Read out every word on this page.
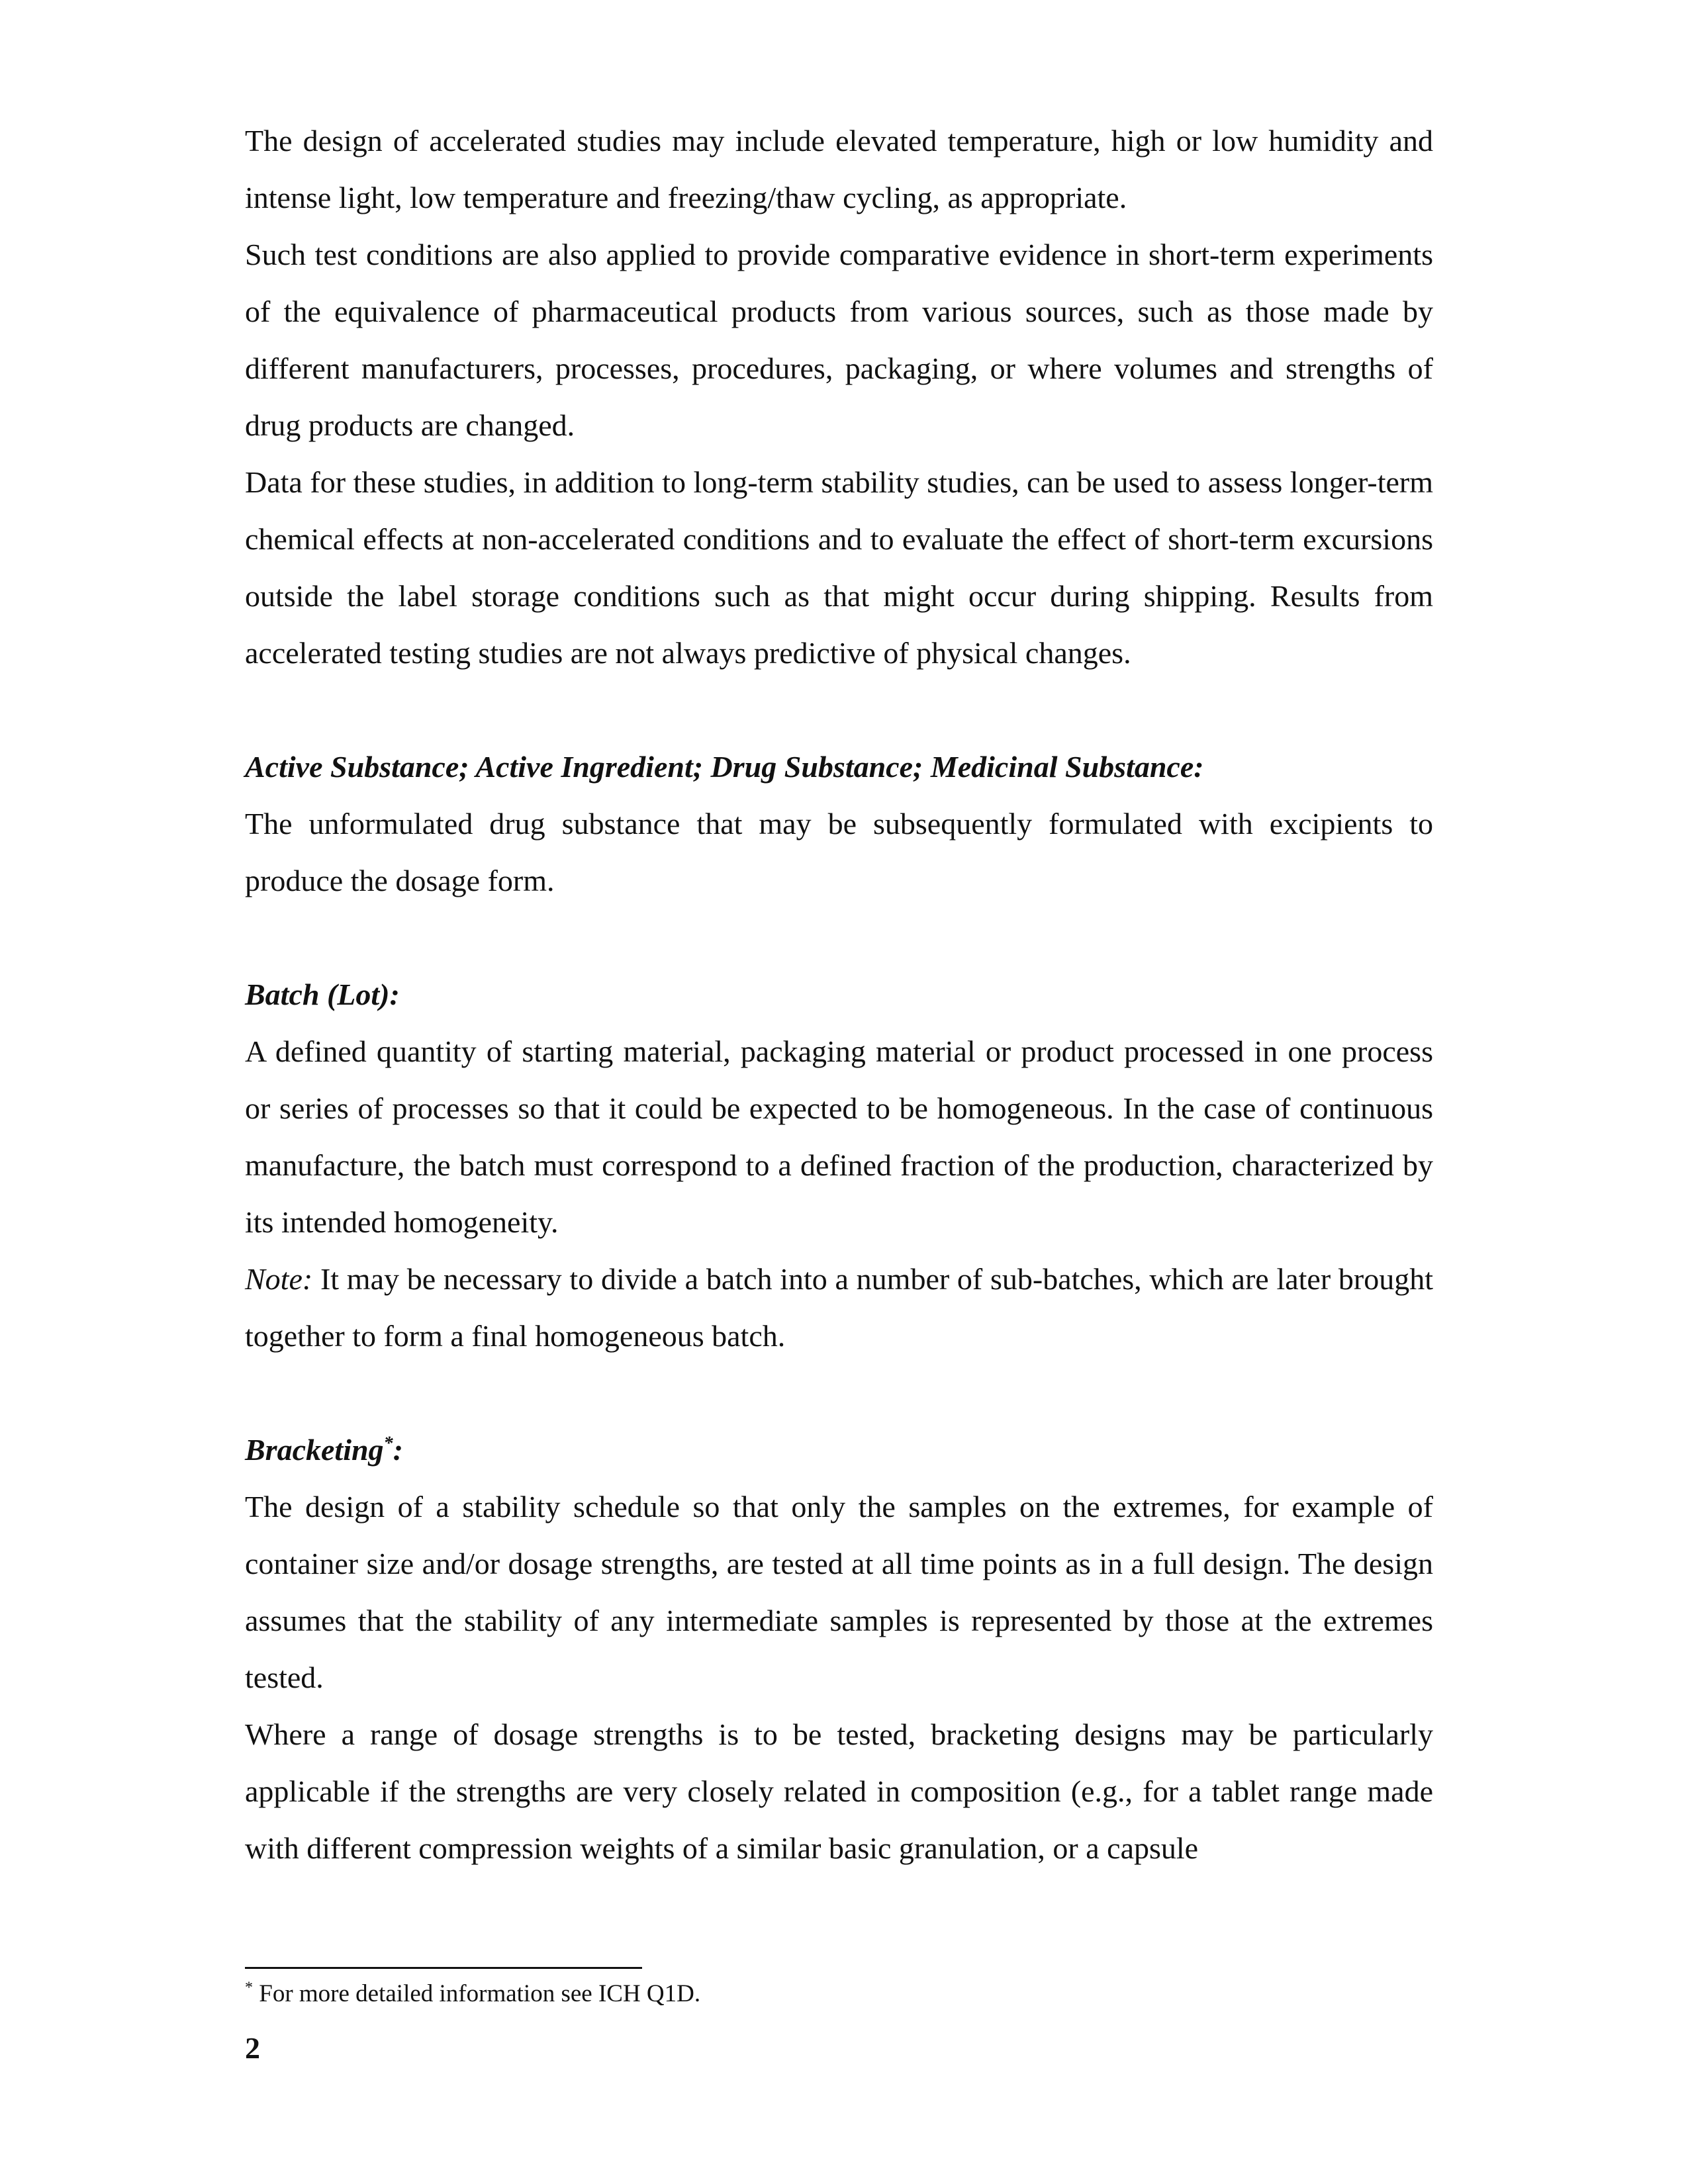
The design of accelerated studies may include elevated temperature, high or low humidity and intense light, low temperature and freezing/thaw cycling, as appropriate.

Such test conditions are also applied to provide comparative evidence in short-term experiments of the equivalence of pharmaceutical products from various sources, such as those made by different manufacturers, processes, procedures, packaging, or where volumes and strengths of drug products are changed.

Data for these studies, in addition to long-term stability studies, can be used to assess longer-term chemical effects at non-accelerated conditions and to evaluate the effect of short-term excursions outside the label storage conditions such as that might occur during shipping. Results from accelerated testing studies are not always predictive of physical changes.

Active Substance; Active Ingredient; Drug Substance; Medicinal Substance:

The unformulated drug substance that may be subsequently formulated with excipients to produce the dosage form.

Batch (Lot):

A defined quantity of starting material, packaging material or product processed in one process or series of processes so that it could be expected to be homogeneous. In the case of continuous manufacture, the batch must correspond to a defined fraction of the production, characterized by its intended homogeneity.

Note: It may be necessary to divide a batch into a number of sub-batches, which are later brought together to form a final homogeneous batch.

Bracketing*:

The design of a stability schedule so that only the samples on the extremes, for example of container size and/or dosage strengths, are tested at all time points as in a full design. The design assumes that the stability of any intermediate samples is represented by those at the extremes tested.

Where a range of dosage strengths is to be tested, bracketing designs may be particularly applicable if the strengths are very closely related in composition (e.g., for a tablet range made with different compression weights of a similar basic granulation, or a capsule

* For more detailed information see ICH Q1D.

2
